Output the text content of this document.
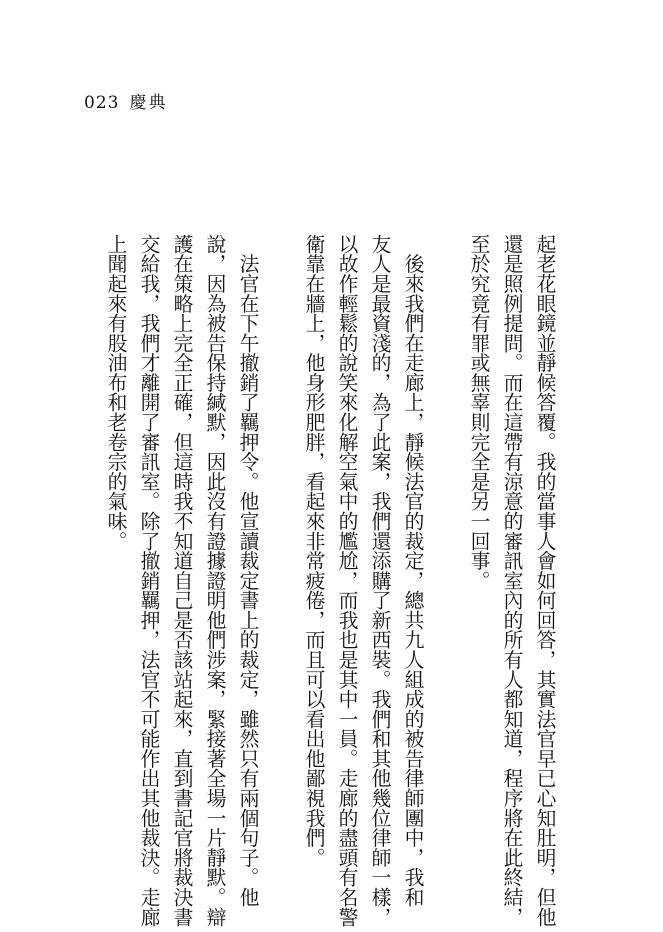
023 慶典
起老花眼鏡並靜候答覆。我的當事人會如何回答，其實法官早已心知肚明，但他
還是照例提問。而在這帶有涼意的審訊室內的所有人都知道，程序將在此終結，
至於究竟有罪或無辜則完全是另一回事。
　後來我們在走廊上，靜候法官的裁定，總共九人組成的被告律師團中，我和
友人是最資淺的，為了此案，我們還添購了新西裝。我們和其他幾位律師一樣，
以故作輕鬆的說笑來化解空氣中的尷尬，而我也是其中一員。走廊的盡頭有名警
衛靠在牆上，他身形肥胖，看起來非常疲倦，而且可以看出他鄙視我們。
　法官在下午撤銷了羈押令。他宣讀裁定書上的裁定，雖然只有兩個句子。他
說，因為被告保持緘默，因此沒有證據證明他們涉案，緊接著全場一片靜默。辯
護在策略上完全正確，但這時我不知道自己是否該站起來，直到書記官將裁決書
交給我，我們才離開了審訊室。除了撤銷羈押，法官不可能作出其他裁決。走廊
上聞起來有股油布和老卷宗的氣味。
